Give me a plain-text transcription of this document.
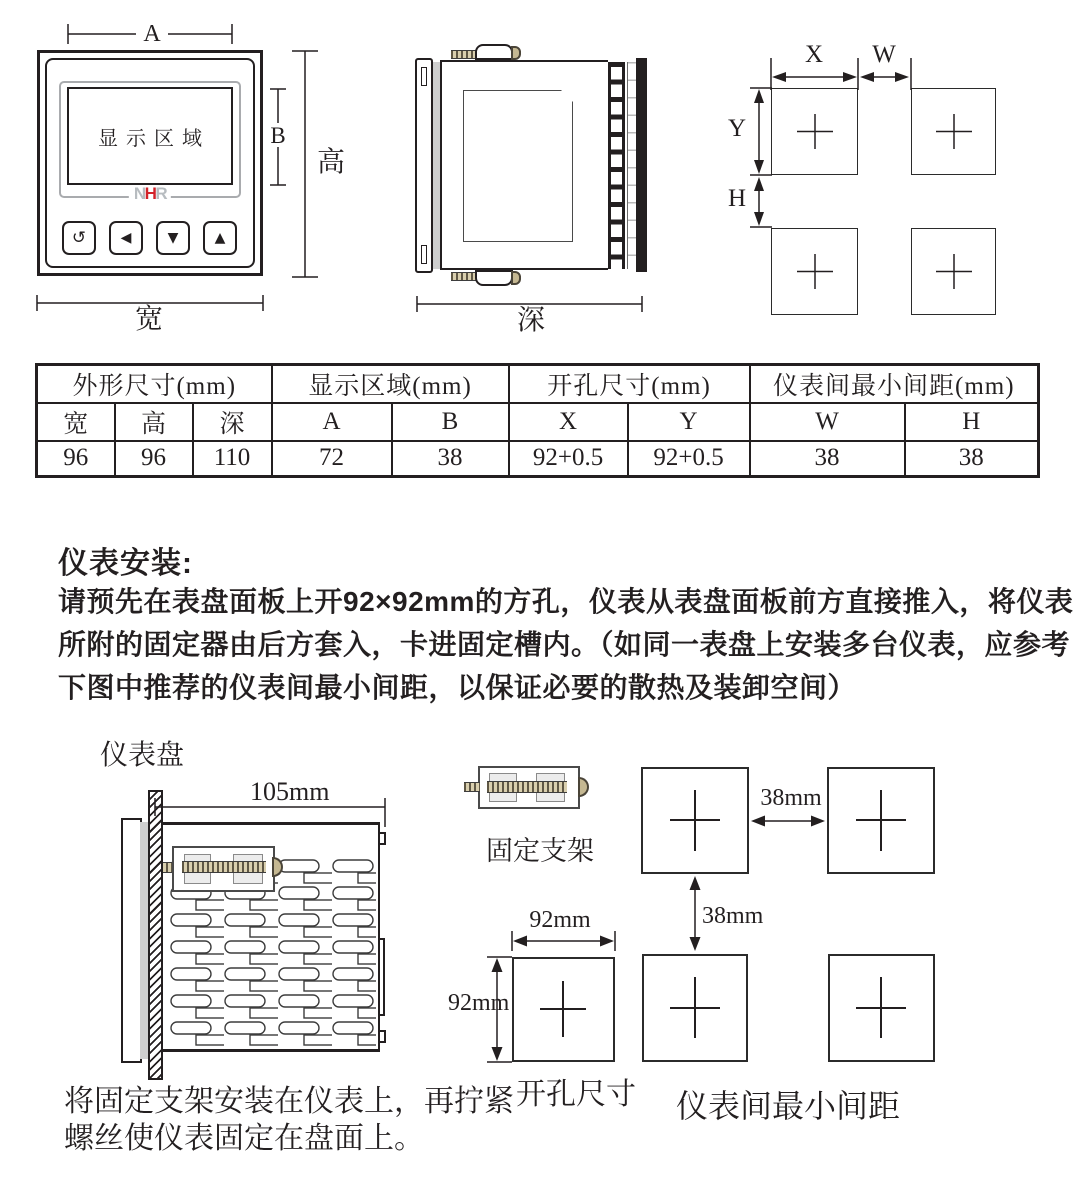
显示区域
NHR
↺	◀	▼	▲
外形尺寸(mm)			显示区域(mm)		开孔尺寸(mm)		仪表间最小间距(mm)	
宽	高	深	A	B	X	Y	W	H
96	96	110	72	38	92+0.5	92+0.5	38	38
仪表安装:
请预先在表盘面板上开92×92mm的方孔，仪表从表盘面板前方直接推入，将仪表
所附的固定器由后方套入，卡进固定槽内。（如同一表盘上安装多台仪表，应参考
下图中推荐的仪表间最小间距，以保证必要的散热及装卸空间）
仪表盘
105mm
将固定支架安装在仪表上，再拧紧
螺丝使仪表固定在盘面上。
固定支架
38mm
38mm
92mm
92mm
开孔尺寸 仪表间最小间距
A
高
B
宽	深
X W
Y
H
